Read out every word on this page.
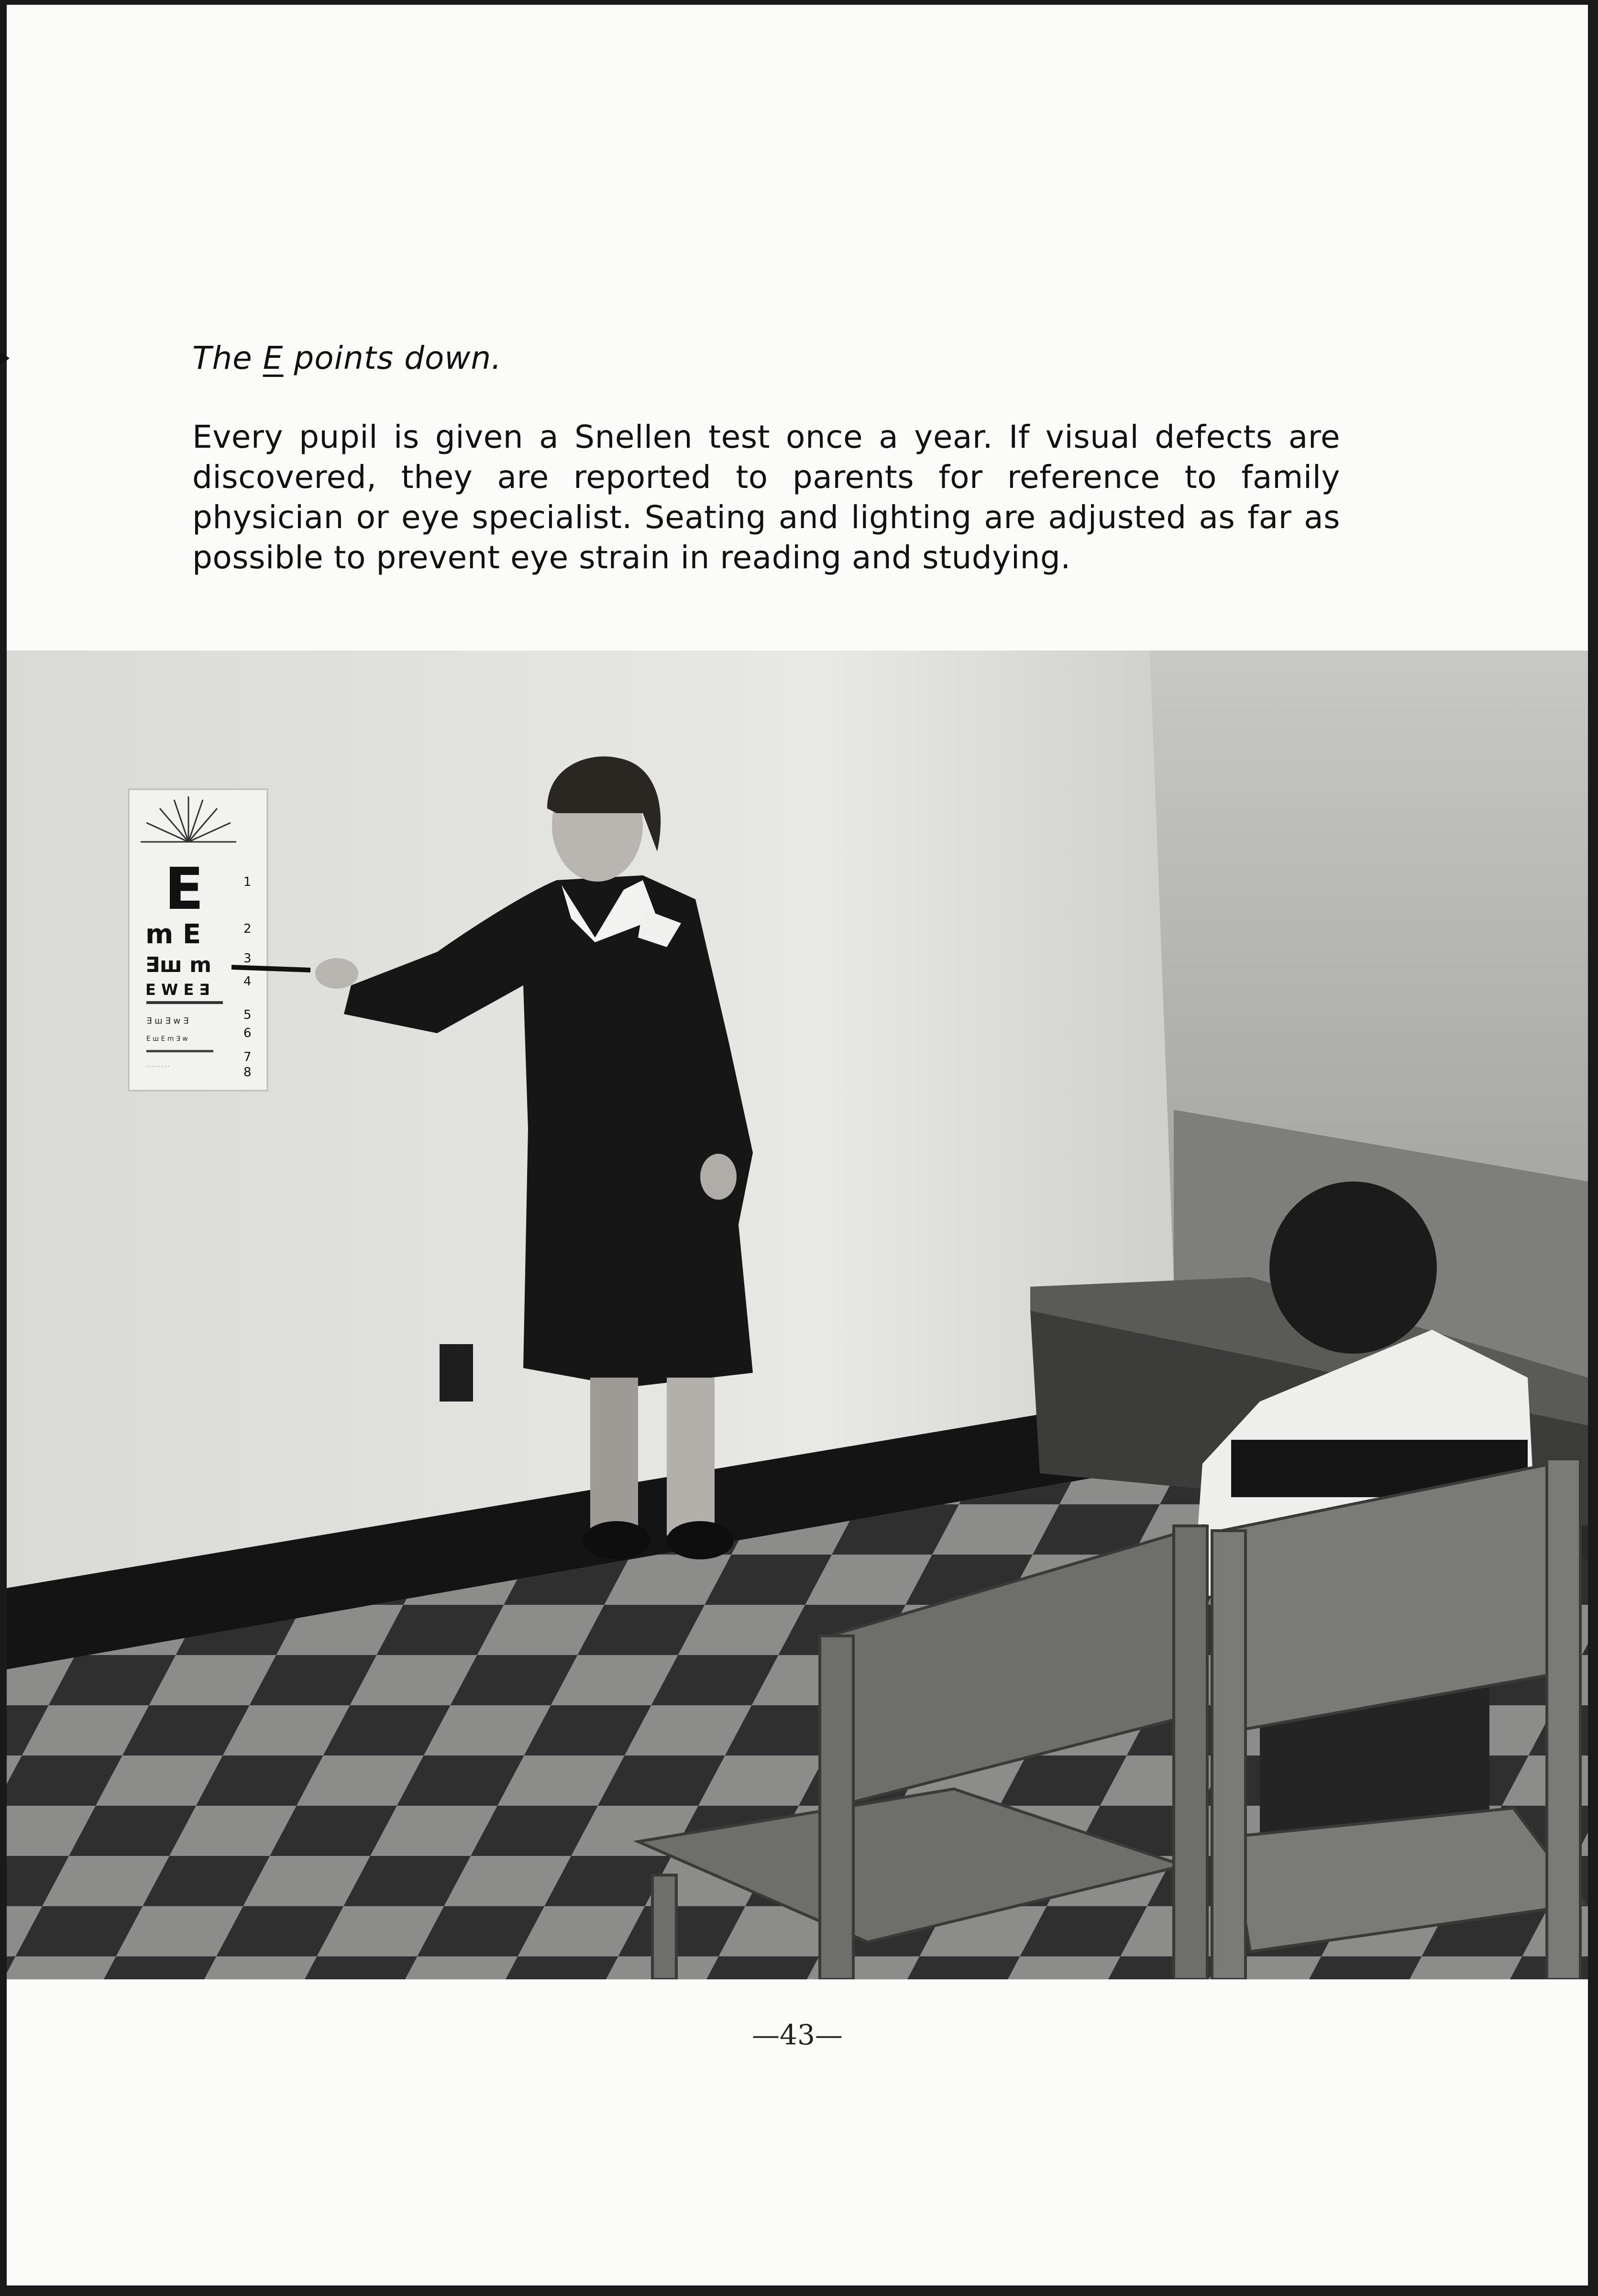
The E points down.
Every pupil is given a Snellen test once a year. If visual defects are discovered, they are reported to parents for reference to family physician or eye specialist. Seating and lighting are adjusted as far as possible to prevent eye strain in reading and studying.
E
m E
∃ш m
E W E ∃
∃ ш ∃ w ∃
E ш E m ∃ w
. . . . . . . .
1
2
3
4
5
6
7
8
—43—
